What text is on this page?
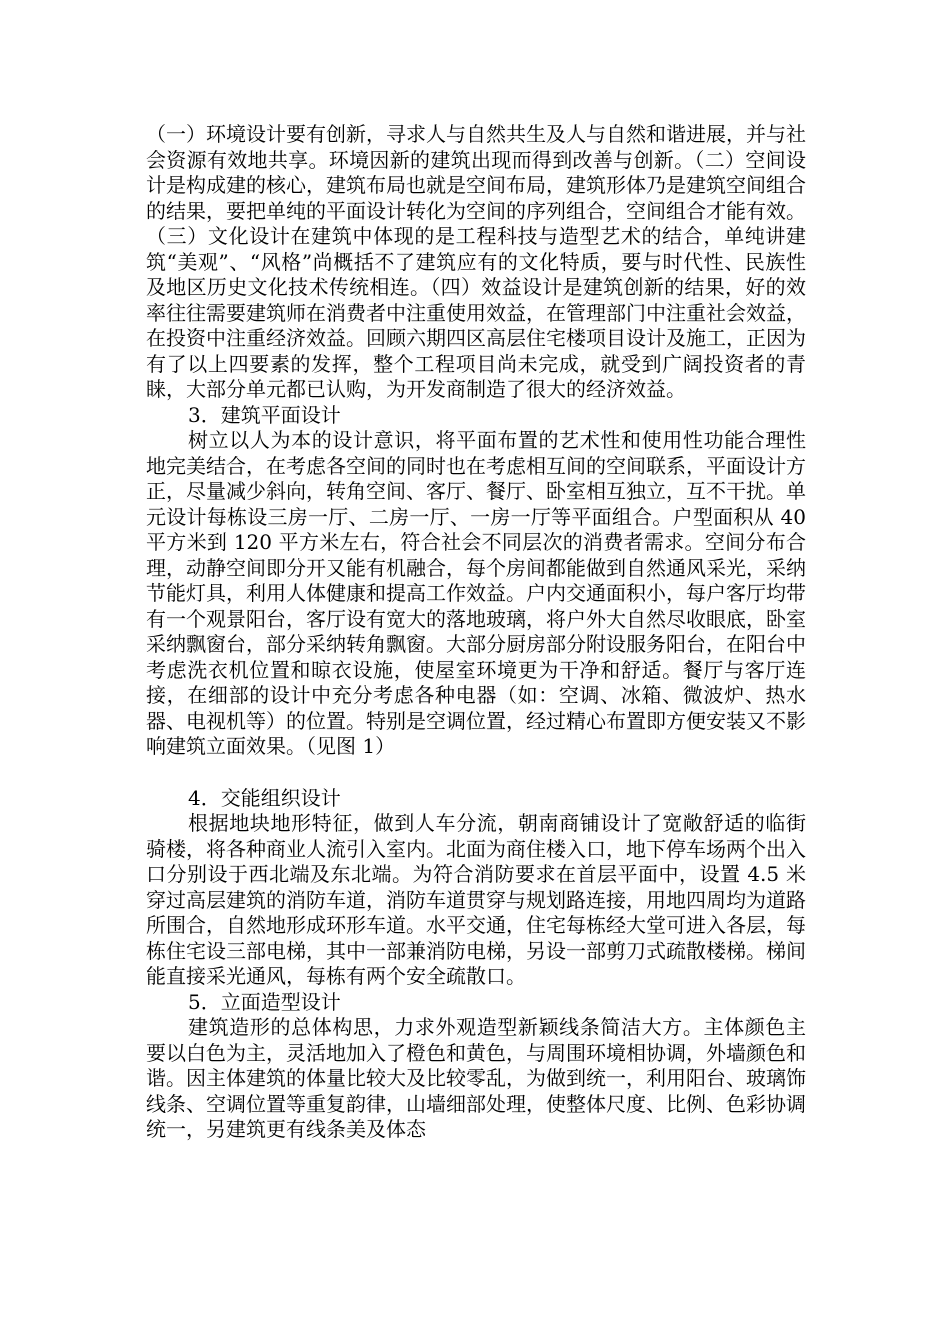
（一）环境设计要有创新，寻求人与自然共生及人与自然和谐进展，并与社会资源有效地共享。环境因新的建筑出现而得到改善与创新。（二）空间设计是构成建的核心，建筑布局也就是空间布局，建筑形体乃是建筑空间组合的结果，要把单纯的平面设计转化为空间的序列组合，空间组合才能有效。（三）文化设计在建筑中体现的是工程科技与造型艺术的结合，单纯讲建筑“美观”、“风格”尚概括不了建筑应有的文化特质，要与时代性、民族性及地区历史文化技术传统相连。（四）效益设计是建筑创新的结果，好的效率往往需要建筑师在消费者中注重使用效益，在管理部门中注重社会效益，在投资中注重经济效益。回顾六期四区高层住宅楼项目设计及施工，正因为有了以上四要素的发挥，整个工程项目尚未完成，就受到广阔投资者的青睐，大部分单元都已认购，为开发商制造了很大的经济效益。

3．建筑平面设计

树立以人为本的设计意识，将平面布置的艺术性和使用性功能合理性地完美结合，在考虑各空间的同时也在考虑相互间的空间联系，平面设计方正，尽量减少斜向，转角空间、客厅、餐厅、卧室相互独立，互不干扰。单元设计每栋设三房一厅、二房一厅、一房一厅等平面组合。户型面积从 40 平方米到 120 平方米左右，符合社会不同层次的消费者需求。空间分布合理，动静空间即分开又能有机融合，每个房间都能做到自然通风采光，采纳节能灯具，利用人体健康和提高工作效益。户内交通面积小，每户客厅均带有一个观景阳台，客厅设有宽大的落地玻璃，将户外大自然尽收眼底，卧室采纳飘窗台，部分采纳转角飘窗。大部分厨房部分附设服务阳台，在阳台中考虑洗衣机位置和晾衣设施，使屋室环境更为干净和舒适。餐厅与客厅连接，在细部的设计中充分考虑各种电器（如：空调、冰箱、微波炉、热水器、电视机等）的位置。特别是空调位置，经过精心布置即方便安装又不影响建筑立面效果。（见图 1）

4．交能组织设计

根据地块地形特征，做到人车分流，朝南商铺设计了宽敞舒适的临街骑楼，将各种商业人流引入室内。北面为商住楼入口，地下停车场两个出入口分别设于西北端及东北端。为符合消防要求在首层平面中，设置 4.5 米穿过高层建筑的消防车道，消防车道贯穿与规划路连接，用地四周均为道路所围合，自然地形成环形车道。水平交通，住宅每栋经大堂可进入各层，每栋住宅设三部电梯，其中一部兼消防电梯，另设一部剪刀式疏散楼梯。梯间能直接采光通风，每栋有两个安全疏散口。

5．立面造型设计

建筑造形的总体构思，力求外观造型新颖线条简洁大方。主体颜色主要以白色为主，灵活地加入了橙色和黄色，与周围环境相协调，外墙颜色和谐。因主体建筑的体量比较大及比较零乱，为做到统一，利用阳台、玻璃饰线条、空调位置等重复韵律，山墙细部处理，使整体尺度、比例、色彩协调统一，另建筑更有线条美及体态
